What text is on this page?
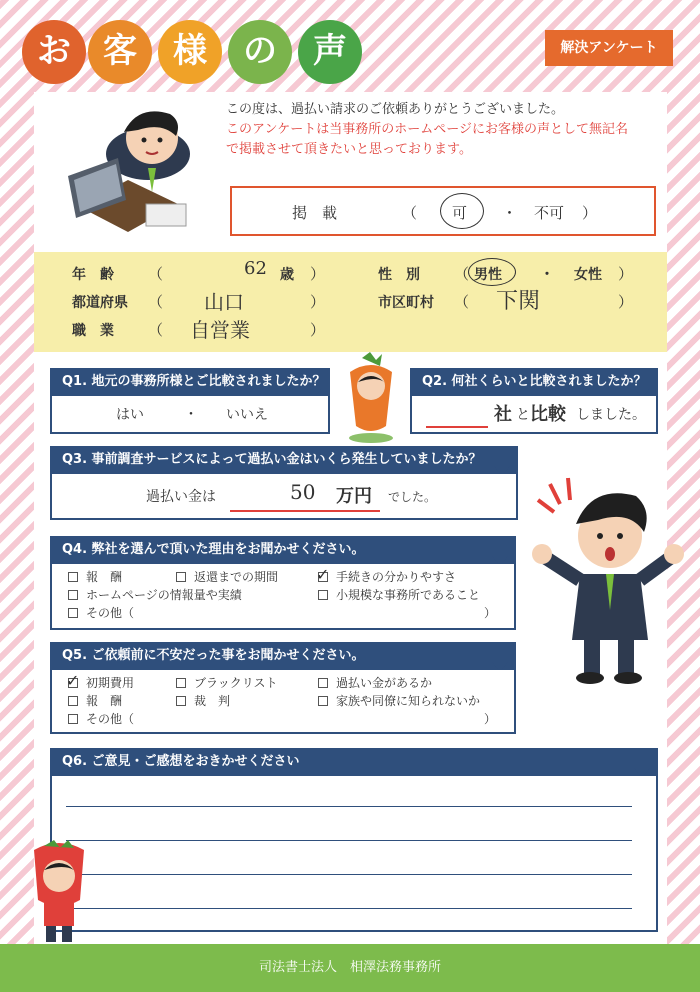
お 客	様	の	声	解決アンケート
この度は、過払い請求のご依頼ありがとうございました。
このアンケートは当事務所のホームページにお客様の声として無記名
で掲載させて頂きたいと思っております。
掲　載	（ 可 ・ 不可 ）
年　齢 （	62 歳 ）	性　別 （ 男性	・ 女性 ）
都道府県 （ 山口	）	市区町村 （ 下関	）
職　業 （ 自営業	）
Q1. 地元の事務所様とご比較されましたか？
はい	・ いいえ
Q2. 何社くらいと比較されましたか？
社 と 比較 しました。
Q3. 事前調査サービスによって過払い金はいくら発生していましたか？
過払い金は	50 万円 でした。
Q4. 弊社を選んで頂いた理由をお聞かせください。
報　酬	返還までの期間 ✓ 手続きの分かりやすさ
ホームページの情報量や実績	小規模な事務所であること
その他（	）
Q5. ご依頼前に不安だった事をお聞かせください。
✓ 初期費用	ブラックリスト	過払い金があるか
報　酬	裁　判	家族や同僚に知られないか
その他（	）
Q6. ご意見・ご感想をおきかせください
司法書士法人　相澤法務事務所
